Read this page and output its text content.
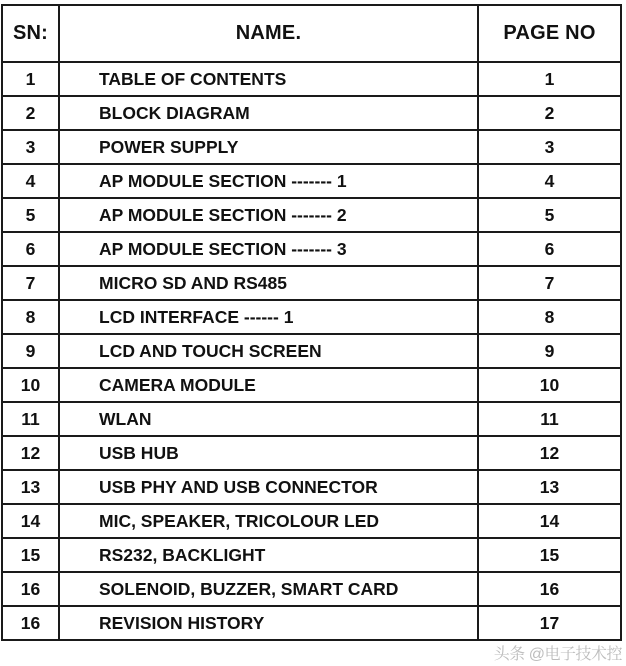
SN:	NAME.	PAGE NO
1	TABLE OF CONTENTS	1
2	BLOCK DIAGRAM	2
3	POWER SUPPLY	3
4	AP MODULE SECTION ------- 1	4
5	AP MODULE SECTION ------- 2	5
6	AP MODULE SECTION ------- 3	6
7	MICRO SD AND RS485	7
8	LCD INTERFACE ------ 1	8
9	LCD AND TOUCH SCREEN	9
10	CAMERA MODULE	10
11	WLAN	11
12	USB HUB	12
13	USB PHY AND USB CONNECTOR	13
14	MIC, SPEAKER, TRICOLOUR LED	14
15	RS232, BACKLIGHT	15
16	SOLENOID, BUZZER, SMART CARD	16
16	REVISION HISTORY	17
头条 @电子技术控
